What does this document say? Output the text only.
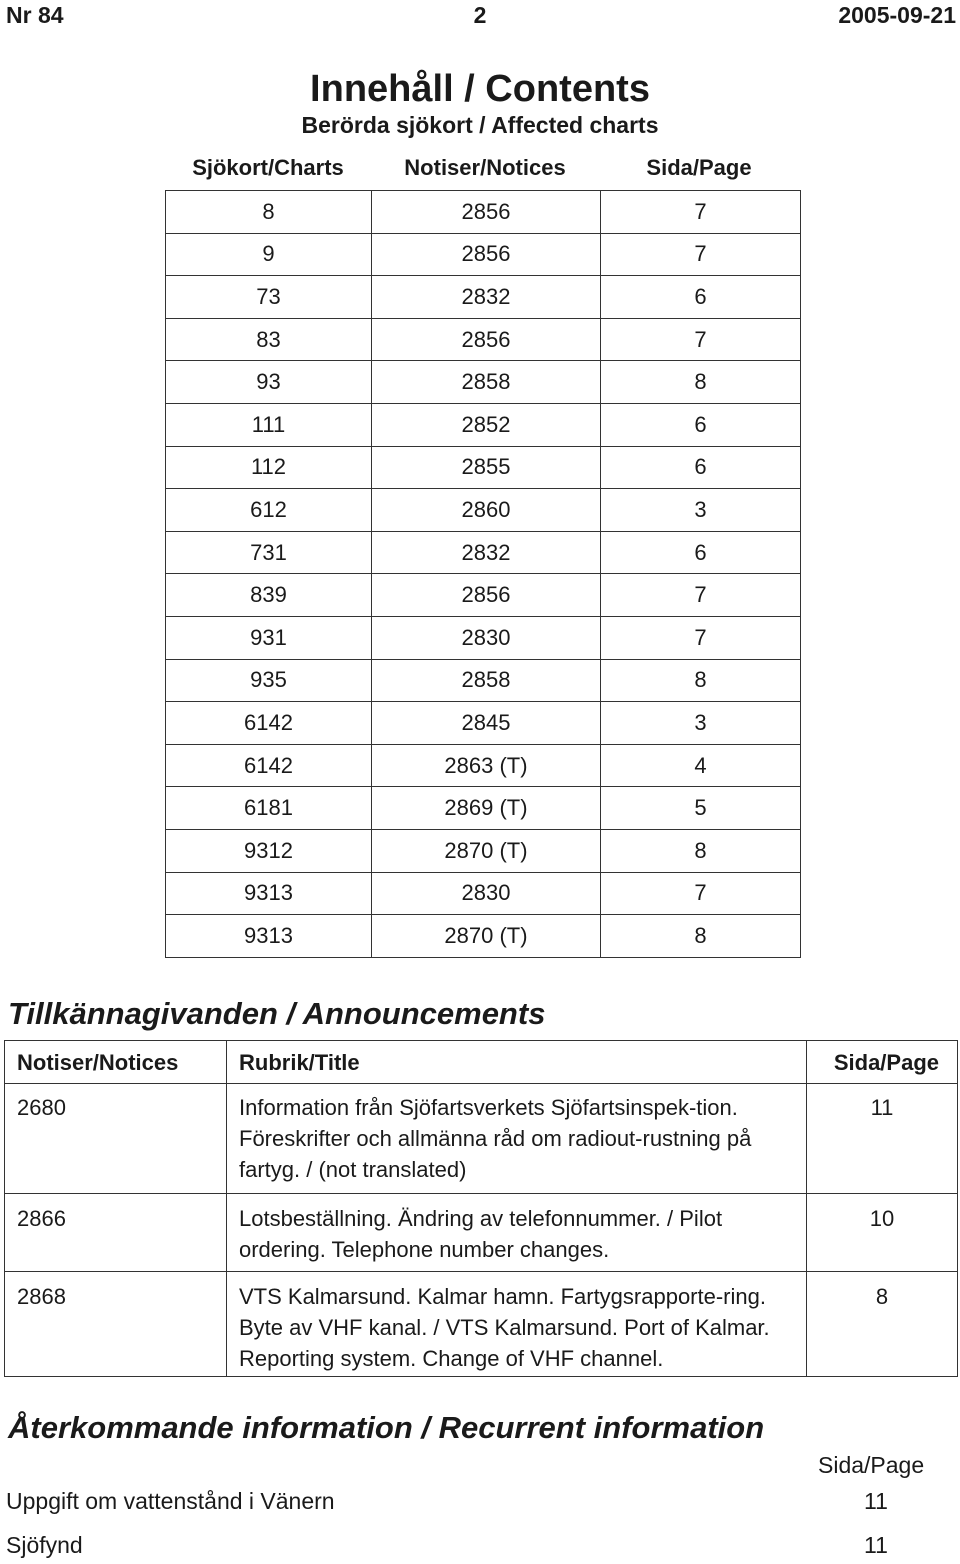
Nr 84	2	2005-09-21
Innehåll / Contents
Berörda sjökort / Affected charts
Sjökort/Charts	Notiser/Notices	Sida/Page
8	2856	7
9	2856	7
73	2832	6
83	2856	7
93	2858	8
111	2852	6
112	2855	6
612	2860	3
731	2832	6
839	2856	7
931	2830	7
935	2858	8
6142	2845	3
6142	2863 (T)	4
6181	2869 (T)	5
9312	2870 (T)	8
9313	2830	7
9313	2870 (T)	8
Tillkännagivanden / Announcements
Notiser/Notices	Rubrik/Title	Sida/Page
2680	Information från Sjöfartsverkets Sjöfartsinspek-tion. Föreskrifter och allmänna råd om radiout-rustning på fartyg. / (not translated)	11
2866	Lotsbeställning. Ändring av telefonnummer. / Pilot ordering. Telephone number changes.	10
2868	VTS Kalmarsund. Kalmar hamn. Fartygsrapporte-ring. Byte av VHF kanal. / VTS Kalmarsund. Port of Kalmar. Reporting system. Change of VHF channel.	8
Återkommande information / Recurrent information
Sida/Page
Uppgift om vattenstånd i Vänern	11
Sjöfynd	11
